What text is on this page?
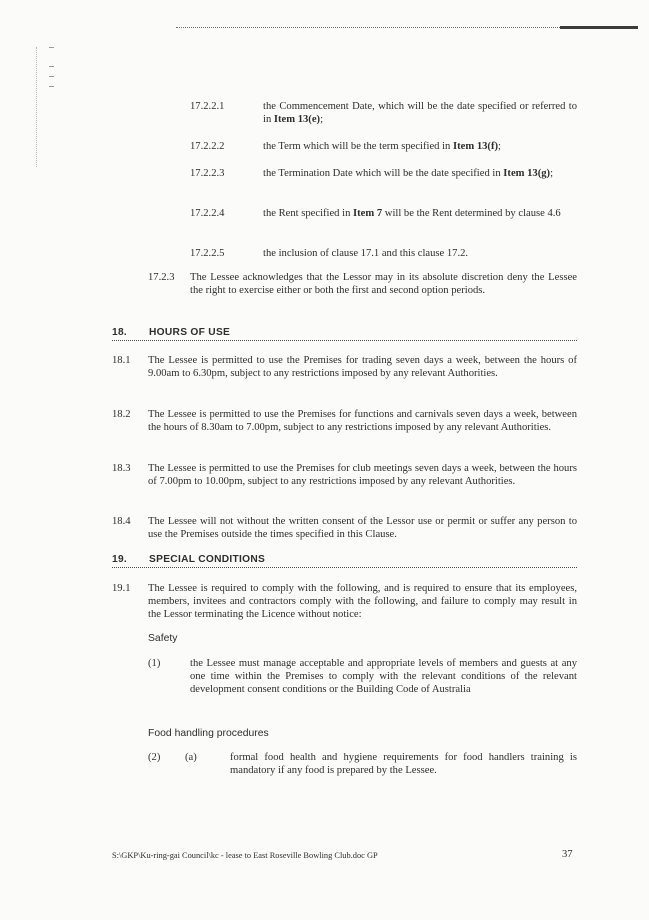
17.2.2.1	the Commencement Date, which will be the date specified or referred to in Item 13(e);
17.2.2.2	the Term which will be the term specified in Item 13(f);
17.2.2.3	the Termination Date which will be the date specified in Item 13(g);
17.2.2.4	the Rent specified in Item 7 will be the Rent determined by clause 4.6
17.2.2.5	the inclusion of clause 17.1 and this clause 17.2.
17.2.3 The Lessee acknowledges that the Lessor may in its absolute discretion deny the Lessee the right to exercise either or both the first and second option periods.
18. HOURS OF USE
18.1 The Lessee is permitted to use the Premises for trading seven days a week, between the hours of 9.00am to 6.30pm, subject to any restrictions imposed by any relevant Authorities.
18.2 The Lessee is permitted to use the Premises for functions and carnivals seven days a week, between the hours of 8.30am to 7.00pm, subject to any restrictions imposed by any relevant Authorities.
18.3 The Lessee is permitted to use the Premises for club meetings seven days a week, between the hours of 7.00pm to 10.00pm, subject to any restrictions imposed by any relevant Authorities.
18.4 The Lessee will not without the written consent of the Lessor use or permit or suffer any person to use the Premises outside the times specified in this Clause.
19. SPECIAL CONDITIONS
19.1 The Lessee is required to comply with the following, and is required to ensure that its employees, members, invitees and contractors comply with the following, and failure to comply may result in the Lessor terminating the Licence without notice:
Safety
(1)	the Lessee must manage acceptable and appropriate levels of members and guests at any one time within the Premises to comply with the relevant conditions of the relevant development consent conditions or the Building Code of Australia
Food handling procedures
(2) (a)	formal food health and hygiene requirements for food handlers training is mandatory if any food is prepared by the Lessee.
S:\GKP\Ku-ring-gai Council\kc - lease to East Roseville Bowling Club.doc GP	37
